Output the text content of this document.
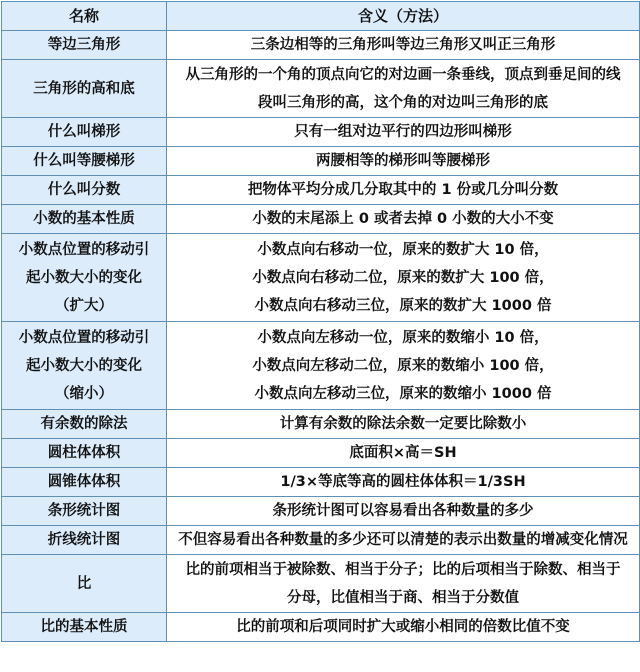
名称	含义（方法）

等边三角形	三条边相等的三角形叫等边三角形又叫正三角形

三角形的高和底	从三角形的一个角的顶点向它的对边画一条垂线，顶点到垂足间的线
段叫三角形的高，这个角的对边叫三角形的底

什么叫梯形	只有一组对边平行的四边形叫梯形

什么叫等腰梯形	两腰相等的梯形叫等腰梯形

什么叫分数	把物体平均分成几分取其中的 1 份或几分叫分数

小数的基本性质	小数的末尾添上 0 或者去掉 0 小数的大小不变

小数点位置的移动引
起小数大小的变化
（扩大）	小数点向右移动一位，原来的数扩大 10 倍，
小数点向右移动二位，原来的数扩大 100 倍，
小数点向右移动三位，原来的数扩大 1000 倍

小数点位置的移动引
起小数大小的变化
（缩小）	小数点向左移动一位，原来的数缩小 10 倍，
小数点向左移动二位，原来的数缩小 100 倍，
小数点向左移动三位，原来的数缩小 1000 倍

有余数的除法	计算有余数的除法余数一定要比除数小

圆柱体体积	底面积×高＝SH

圆锥体体积	1/3×等底等高的圆柱体体积＝1/3SH

条形统计图	条形统计图可以容易看出各种数量的多少

折线统计图	不但容易看出各种数量的多少还可以清楚的表示出数量的增减变化情况

比	比的前项相当于被除数、相当于分子；比的后项相当于除数、相当于
分母，比值相当于商、相当于分数值

比的基本性质	比的前项和后项同时扩大或缩小相同的倍数比值不变
